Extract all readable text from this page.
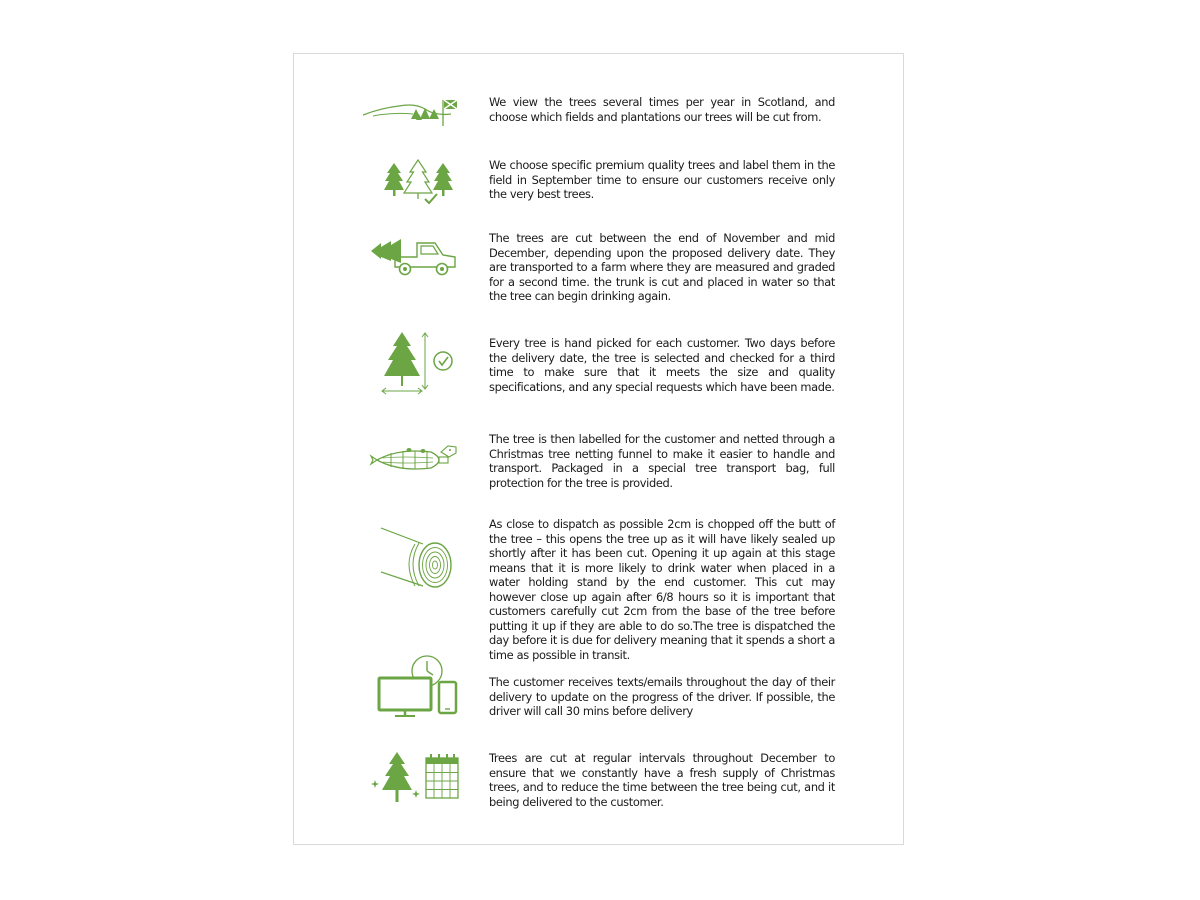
We view the trees several times per year in Scotland, and choose which fields and plantations our trees will be cut from.

We choose specific premium quality trees and label them in the field in September time to ensure our customers receive only the very best trees.

The trees are cut between the end of November and mid December, depending upon the proposed delivery date. They are transported to a farm where they are measured and graded for a second time. the trunk is cut and placed in water so that the tree can begin drinking again.

Every tree is hand picked for each customer. Two days before the delivery date, the tree is selected and checked for a third time to make sure that it meets the size and quality specifications, and any special requests which have been made.

The tree is then labelled for the customer and netted through a Christmas tree netting funnel to make it easier to handle and transport. Packaged in a special tree transport bag, full protection for the tree is provided.

As close to dispatch as possible 2cm is chopped off the butt of the tree – this opens the tree up as it will have likely sealed up shortly after it has been cut. Opening it up again at this stage means that it is more likely to drink water when placed in a water holding stand by the end customer. This cut may however close up again after 6/8 hours so it is important that customers carefully cut 2cm from the base of the tree before putting it up if they are able to do so.The tree is dispatched the day before it is due for delivery meaning that it spends a short a time as possible in transit.

The customer receives texts/emails throughout the day of their delivery to update on the progress of the driver. If possible, the driver will call 30 mins before delivery

Trees are cut at regular intervals throughout December to ensure that we constantly have a fresh supply of Christmas trees, and to reduce the time between the tree being cut, and it being delivered to the customer.
